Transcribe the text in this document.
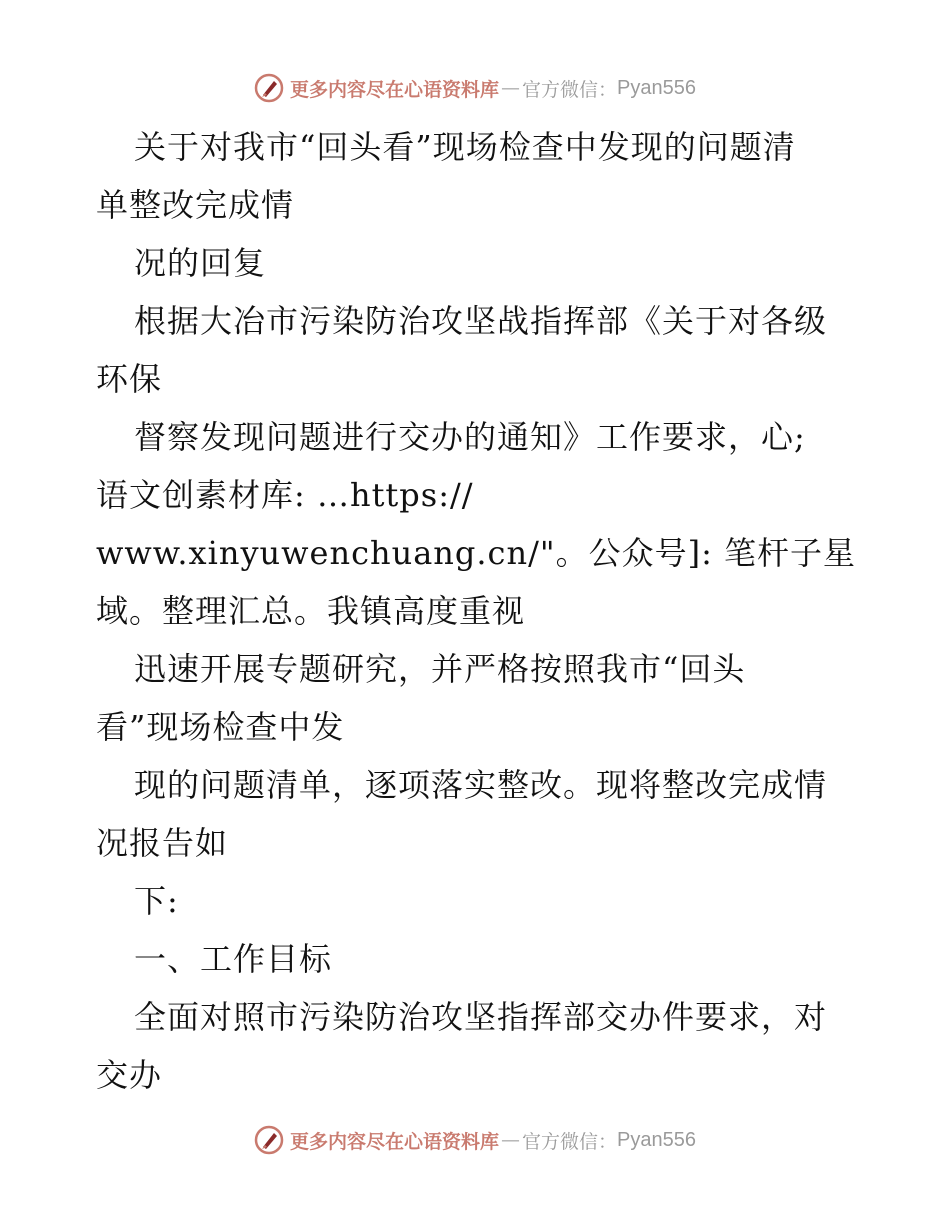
更多内容尽在心语资料库 — 官方微信： Pyan556
关于对我市“回头看”现场检查中发现的问题清
单整改完成情
况的回复
根据大冶市污染防治攻坚战指挥部《关于对各级
环保
督察发现问题进行交办的通知》工作要求，心;
语文创素材库: …https://
www.xinyuwenchuang.cn/"。公众号]: 笔杆子星
域。整理汇总。我镇高度重视
迅速开展专题研究，并严格按照我市“回头
看”现场检查中发
现的问题清单，逐项落实整改。现将整改完成情
况报告如
下:
一、工作目标
全面对照市污染防治攻坚指挥部交办件要求，对
交办
更多内容尽在心语资料库 — 官方微信： Pyan556
